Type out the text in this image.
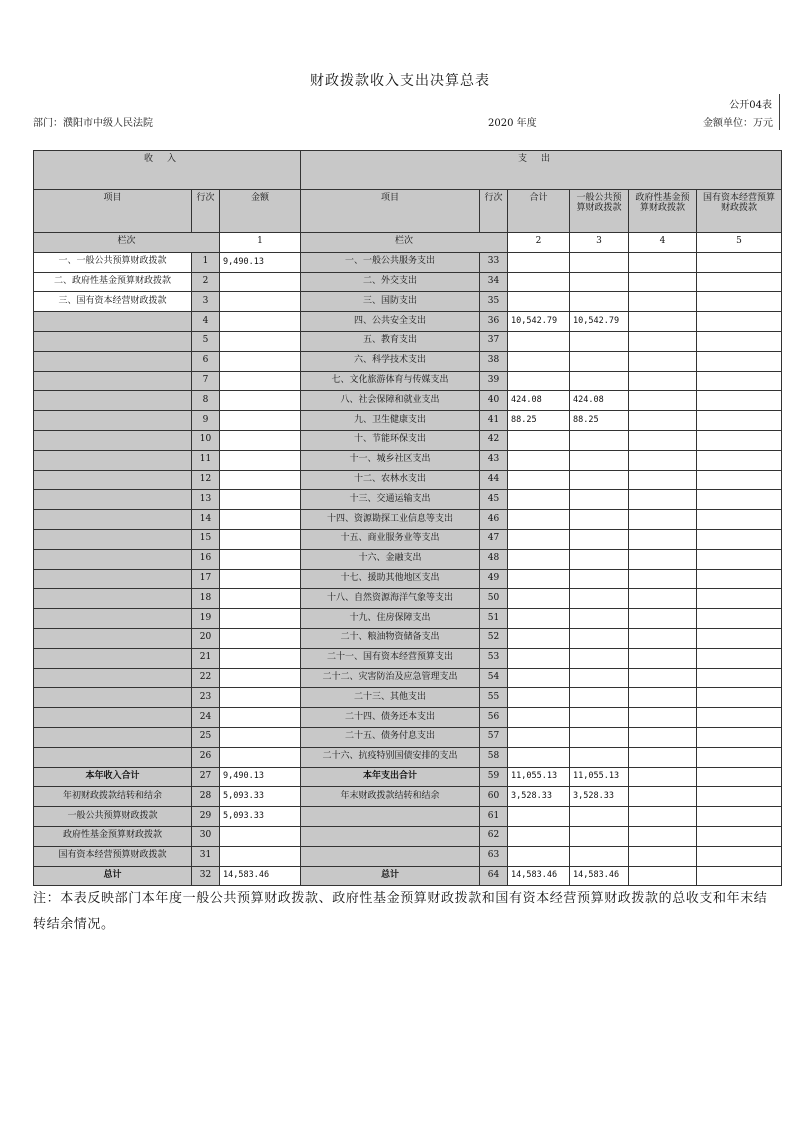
财政拨款收入支出决算总表
公开04表
部门：濮阳市中级人民法院	2020 年度	金额单位：万元
收入			支出					
项目	行次	金额	项目	行次	合计	一般公共预算财政拨款	政府性基金预算财政拨款	国有资本经营预算财政拨款
栏次		1	栏次		2	3	4	5
一、一般公共预算财政拨款	1	9,490.13	一、一般公共服务支出	33				
二、政府性基金预算财政拨款	2		二、外交支出	34				
三、国有资本经营财政拨款	3		三、国防支出	35				
	4		四、公共安全支出	36	10,542.79	10,542.79		
	5		五、教育支出	37				
	6		六、科学技术支出	38				
	7		七、文化旅游体育与传媒支出	39				
	8		八、社会保障和就业支出	40	424.08	424.08		
	9		九、卫生健康支出	41	88.25	88.25		
	10		十、节能环保支出	42				
	11		十一、城乡社区支出	43				
	12		十二、农林水支出	44				
	13		十三、交通运输支出	45				
	14		十四、资源勘探工业信息等支出	46				
	15		十五、商业服务业等支出	47				
	16		十六、金融支出	48				
	17		十七、援助其他地区支出	49				
	18		十八、自然资源海洋气象等支出	50				
	19		十九、住房保障支出	51				
	20		二十、粮油物资储备支出	52				
	21		二十一、国有资本经营预算支出	53				
	22		二十二、灾害防治及应急管理支出	54				
	23		二十三、其他支出	55				
	24		二十四、债务还本支出	56				
	25		二十五、债务付息支出	57				
	26		二十六、抗疫特别国债安排的支出	58				
本年收入合计	27	9,490.13	本年支出合计	59	11,055.13	11,055.13		
年初财政拨款结转和结余	28	5,093.33	年末财政拨款结转和结余	60	3,528.33	3,528.33		
一般公共预算财政拨款	29	5,093.33		61				
政府性基金预算财政拨款	30			62				
国有资本经营预算财政拨款	31			63				
总计	32	14,583.46	总计	64	14,583.46	14,583.46		
注：本表反映部门本年度一般公共预算财政拨款、政府性基金预算财政拨款和国有资本经营预算财政拨款的总收支和年末结转结余情况。
